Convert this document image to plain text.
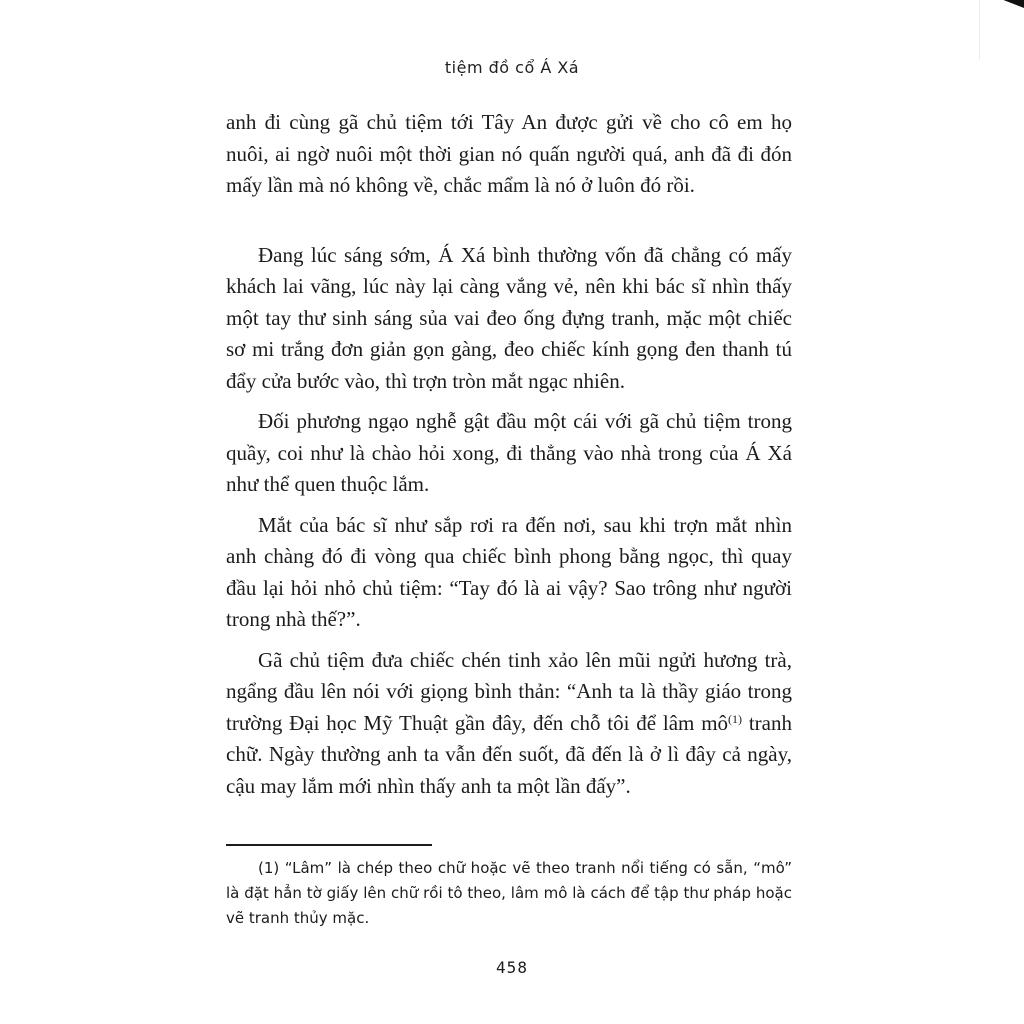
tiệm đồ cổ Á Xá

anh đi cùng gã chủ tiệm tới Tây An được gửi về cho cô em họ nuôi, ai ngờ nuôi một thời gian nó quấn người quá, anh đã đi đón mấy lần mà nó không về, chắc mẩm là nó ở luôn đó rồi.

Đang lúc sáng sớm, Á Xá bình thường vốn đã chẳng có mấy khách lai vãng, lúc này lại càng vắng vẻ, nên khi bác sĩ nhìn thấy một tay thư sinh sáng sủa vai đeo ống đựng tranh, mặc một chiếc sơ mi trắng đơn giản gọn gàng, đeo chiếc kính gọng đen thanh tú đẩy cửa bước vào, thì trợn tròn mắt ngạc nhiên.

Đối phương ngạo nghễ gật đầu một cái với gã chủ tiệm trong quầy, coi như là chào hỏi xong, đi thẳng vào nhà trong của Á Xá như thể quen thuộc lắm.

Mắt của bác sĩ như sắp rơi ra đến nơi, sau khi trợn mắt nhìn anh chàng đó đi vòng qua chiếc bình phong bằng ngọc, thì quay đầu lại hỏi nhỏ chủ tiệm: “Tay đó là ai vậy? Sao trông như người trong nhà thế?”.

Gã chủ tiệm đưa chiếc chén tinh xảo lên mũi ngửi hương trà, ngẩng đầu lên nói với giọng bình thản: “Anh ta là thầy giáo trong trường Đại học Mỹ Thuật gần đây, đến chỗ tôi để lâm mô$^{(1)}$ tranh chữ. Ngày thường anh ta vẫn đến suốt, đã đến là ở lì đây cả ngày, cậu may lắm mới nhìn thấy anh ta một lần đấy”.

(1) “Lâm” là chép theo chữ hoặc vẽ theo tranh nổi tiếng có sẵn, “mô” là đặt hẳn tờ giấy lên chữ rồi tô theo, lâm mô là cách để tập thư pháp hoặc vẽ tranh thủy mặc.

458
